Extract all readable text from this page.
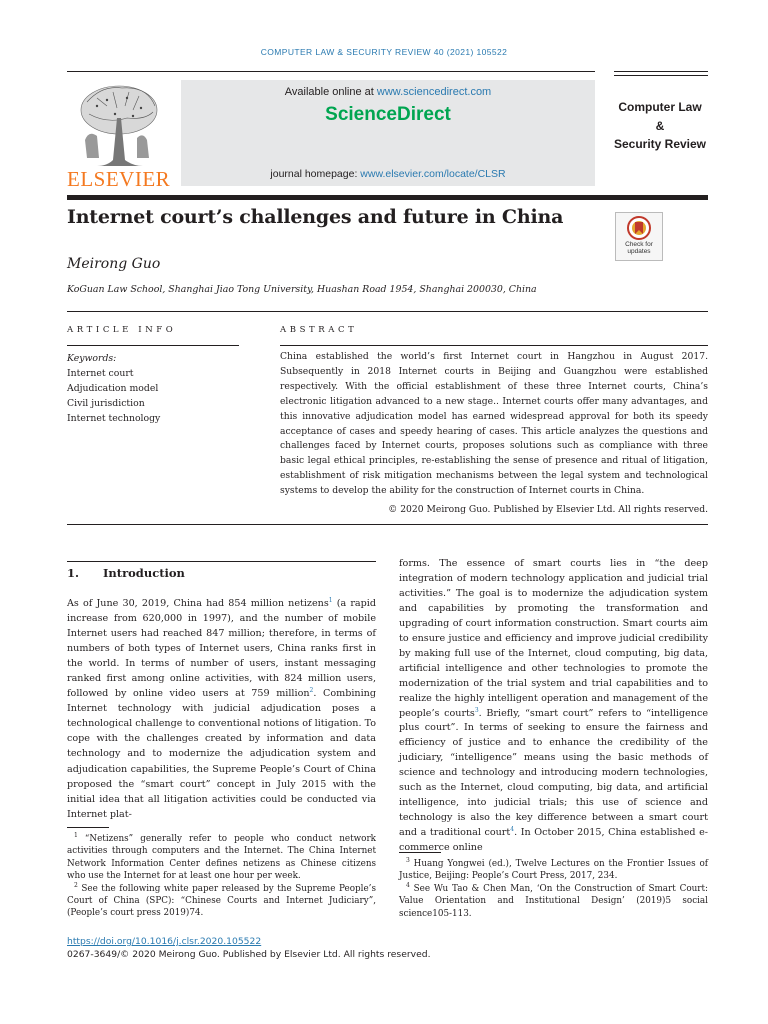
COMPUTER LAW & SECURITY REVIEW 40 (2021) 105522
ELSEVIER
Available online at www.sciencedirect.com
ScienceDirect
journal homepage: www.elsevier.com/locate/CLSR
Computer Law
&
Security Review
Internet court’s challenges and future in China
Check for
updates
Meirong Guo
KoGuan Law School, Shanghai Jiao Tong University, Huashan Road 1954, Shanghai 200030, China
ARTICLE INFO	ABSTRACT
Keywords:
Internet court
Adjudication model
Civil jurisdiction
Internet technology
China established the world’s first Internet court in Hangzhou in August 2017. Subsequently in 2018 Internet courts in Beijing and Guangzhou were established respectively. With the official establishment of these three Internet courts, China’s electronic litigation advanced to a new stage.. Internet courts offer many advantages, and this innovative adjudication model has earned widespread approval for both its speedy acceptance of cases and speedy hearing of cases. This article analyzes the questions and challenges faced by Internet courts, proposes solutions such as compliance with three basic legal ethical principles, re-establishing the sense of presence and ritual of litigation, establishment of risk mitigation mechanisms between the legal system and technological systems to develop the ability for the construction of Internet courts in China.
© 2020 Meirong Guo. Published by Elsevier Ltd. All rights reserved.
1. Introduction

As of June 30, 2019, China had 854 million netizens$^1$ (a rapid increase from 620,000 in 1997), and the number of mobile Internet users had reached 847 million; therefore, in terms of numbers of both types of Internet users, China ranks first in the world. In terms of number of users, instant messaging ranked first among online activities, with 824 million users, followed by online video users at 759 million$^2$. Combining Internet technology with judicial adjudication poses a technological challenge to conventional notions of litigation. To cope with the challenges created by information and data technology and to modernize the adjudication system and adjudication capabilities, the Supreme People’s Court of China proposed the “smart court” concept in July 2015 with the initial idea that all litigation activities could be conducted via Internet plat-

forms. The essence of smart courts lies in “the deep integration of modern technology application and judicial trial activities.” The goal is to modernize the adjudication system and capabilities by promoting the transformation and upgrading of court information construction. Smart courts aim to ensure justice and efficiency and improve judicial credibility by making full use of the Internet, cloud computing, big data, artificial intelligence and other technologies to promote the modernization of the trial system and trial capabilities and to realize the highly intelligent operation and management of the people’s courts$^3$. Briefly, “smart court” refers to “intelligence plus court”. In terms of seeking to ensure the fairness and efficiency of justice and to enhance the credibility of the judiciary, “intelligence” means using the basic methods of science and technology and introducing modern technologies, such as the Internet, cloud computing, big data, and artificial intelligence, into judicial trials; this use of science and technology is also the key difference between a smart court and a traditional court$^4$. In October 2015, China established e-commerce online

$^1$ “Netizens” generally refer to people who conduct network activities through computers and the Internet. The China Internet Network Information Center defines netizens as Chinese citizens who use the Internet for at least one hour per week.

$^2$ See the following white paper released by the Supreme People’s Court of China (SPC): “Chinese Courts and Internet Judiciary”, (People’s court press 2019)74.

$^3$ Huang Yongwei (ed.), Twelve Lectures on the Frontier Issues of Justice, Beijing: People’s Court Press, 2017, 234.

$^4$ See Wu Tao & Chen Man, ‘On the Construction of Smart Court: Value Orientation and Institutional Design’ (2019)5 social science105-113.

https://doi.org/10.1016/j.clsr.2020.105522
0267-3649/© 2020 Meirong Guo. Published by Elsevier Ltd. All rights reserved.
